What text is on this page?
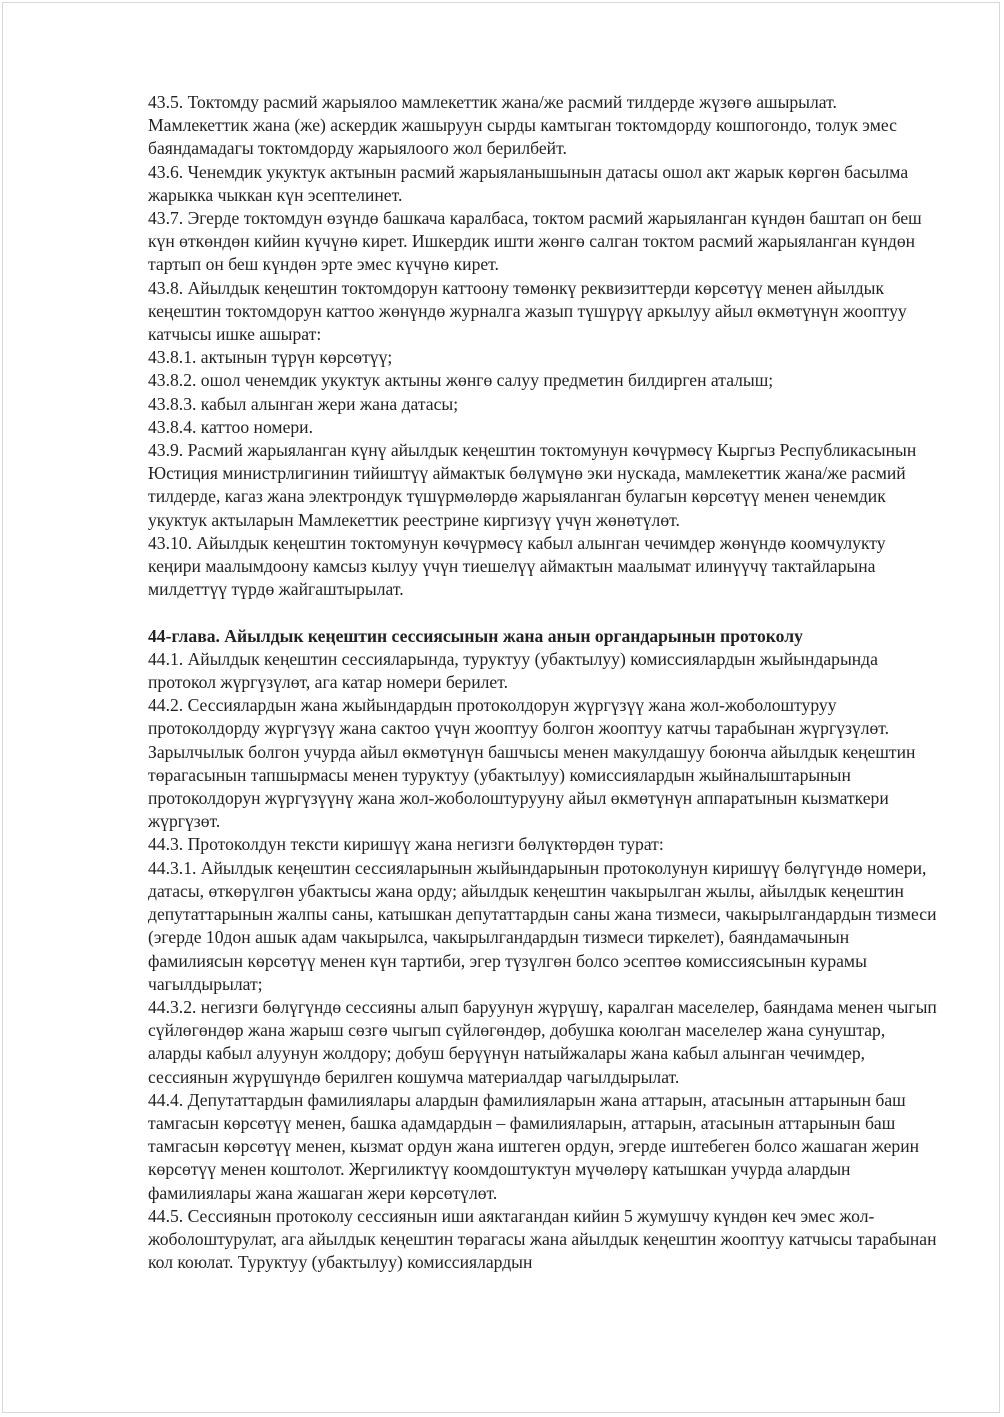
43.5. Токтомду расмий жарыялоо мамлекеттик жана/же расмий тилдерде жүзөгө ашырылат. Мамлекеттик жана (же) аскердик жашыруун сырды камтыган токтомдорду кошпогондо, толук эмес баяндамадагы токтомдорду жарыялоого жол берилбейт.

43.6. Ченемдик укуктук актынын расмий жарыяланышынын датасы ошол акт жарык көргөн басылма жарыкка чыккан күн эсептелинет.

43.7. Эгерде токтомдун өзүндө башкача каралбаса, токтом расмий жарыяланган күндөн баштап он беш күн өткөндөн кийин күчүнө кирет. Ишкердик ишти жөнгө салган токтом расмий жарыяланган күндөн тартып он беш күндөн эрте эмес күчүнө кирет.

43.8. Айылдык кеңештин токтомдорун каттоону төмөнкү реквизиттерди көрсөтүү менен айылдык кеңештин токтомдорун каттоо жөнүндө журналга жазып түшүрүү аркылуу айыл өкмөтүнүн жооптуу катчысы ишке ашырат:

43.8.1. актынын түрүн көрсөтүү;

43.8.2. ошол ченемдик укуктук актыны жөнгө салуу предметин билдирген аталыш;

43.8.3. кабыл алынган жери жана датасы;

43.8.4. каттоо номери.

43.9. Расмий жарыяланган күнү айылдык кеңештин токтомунун көчүрмөсү Кыргыз Республикасынын Юстиция министрлигинин тийиштүү аймактык бөлүмүнө эки нускада, мамлекеттик жана/же расмий тилдерде, кагаз жана электрондук түшүрмөлөрдө жарыяланган булагын көрсөтүү менен ченемдик укуктук актыларын Мамлекеттик реестрине киргизүү үчүн жөнөтүлөт.

43.10. Айылдык кеңештин токтомунун көчүрмөсү кабыл алынган чечимдер жөнүндө коомчулукту кеңири маалымдоону камсыз кылуу үчүн тиешелүү аймактын маалымат илинүүчү тактайларына милдеттүү түрдө жайгаштырылат.

44-глава. Айылдык кеңештин сессиясынын жана анын органдарынын протоколу

44.1. Айылдык кеңештин сессияларында, туруктуу (убактылуу) комиссиялардын жыйындарында протокол жүргүзүлөт, ага катар номери берилет.

44.2. Сессиялардын жана жыйындардын протоколдорун жүргүзүү жана жол-жоболоштуруу протоколдорду жүргүзүү жана сактоо үчүн жооптуу болгон жооптуу катчы тарабынан жүргүзүлөт. Зарылчылык болгон учурда айыл өкмөтүнүн башчысы менен макулдашуу боюнча айылдык кеңештин төрагасынын тапшырмасы менен туруктуу (убактылуу) комиссиялардын жыйналыштарынын протоколдорун жүргүзүүнү жана жол-жоболоштурууну айыл өкмөтүнүн аппаратынын кызматкери жүргүзөт.

44.3. Протоколдун тексти киришүү жана негизги бөлүктөрдөн турат:

44.3.1. Айылдык кеңештин сессияларынын жыйындарынын протоколунун киришүү бөлүгүндө номери, датасы, өткөрүлгөн убактысы жана орду; айылдык кеңештин чакырылган жылы, айылдык кеңештин депутаттарынын жалпы саны, катышкан депутаттардын саны жана тизмеси, чакырылгандардын тизмеси (эгерде 10дон ашык адам чакырылса, чакырылгандардын тизмеси тиркелет), баяндамачынын фамилиясын көрсөтүү менен күн тартиби, эгер түзүлгөн болсо эсептөө комиссиясынын курамы чагылдырылат;

44.3.2. негизги бөлүгүндө сессияны алып баруунун жүрүшү, каралган маселелер, баяндама менен чыгып сүйлөгөндөр жана жарыш сөзгө чыгып сүйлөгөндөр, добушка коюлган маселелер жана сунуштар, аларды кабыл алуунун жолдору; добуш берүүнүн натыйжалары жана кабыл алынган чечимдер, сессиянын жүрүшүндө берилген кошумча материалдар чагылдырылат.

44.4. Депутаттардын фамилиялары алардын фамилияларын жана аттарын, атасынын аттарынын баш тамгасын көрсөтүү менен, башка адамдардын – фамилияларын, аттарын, атасынын аттарынын баш тамгасын көрсөтүү менен, кызмат ордун жана иштеген ордун, эгерде иштебеген болсо жашаган жерин көрсөтүү менен коштолот. Жергиликтүү коомдоштуктун мүчөлөрү катышкан учурда алардын фамилиялары жана жашаган жери көрсөтүлөт.

44.5. Сессиянын протоколу сессиянын иши аяктагандан кийин 5 жумушчу күндөн кеч эмес жол-жоболоштурулат, ага айылдык кеңештин төрагасы жана айылдык кеңештин жооптуу катчысы тарабынан кол коюлат. Туруктуу (убактылуу) комиссиялардын
